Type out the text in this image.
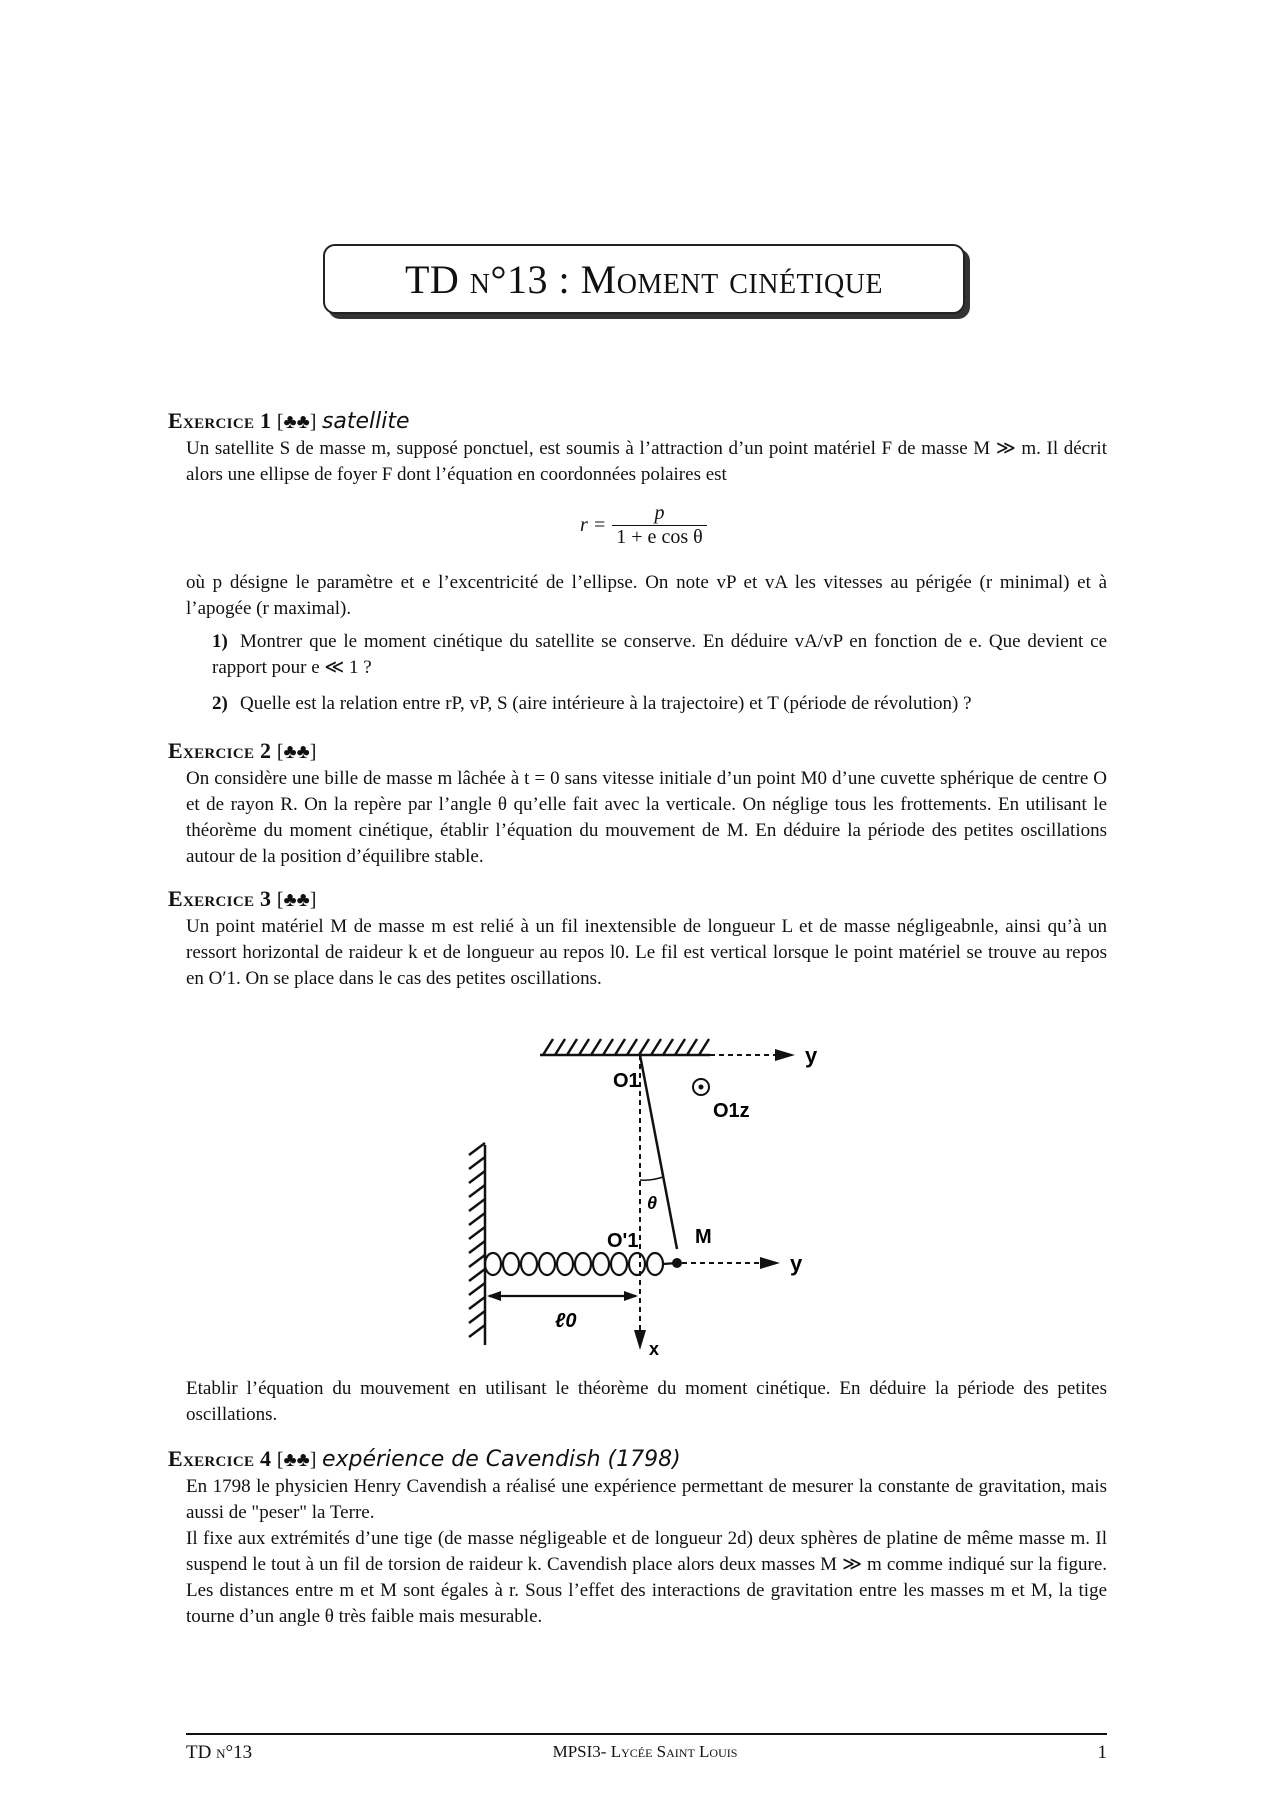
TD n°13 : Moment cinétique
Exercice 1 [♣♣] satellite
Un satellite S de masse m, supposé ponctuel, est soumis à l’attraction d’un point matériel F de masse M ≫ m. Il décrit alors une ellipse de foyer F dont l’équation en coordonnées polaires est
$r = \frac{p}{\text{1 + e cos θ}}$
où p désigne le paramètre et e l’excentricité de l’ellipse. On note vP et vA les vitesses au périgée (r minimal) et à l’apogée (r maximal).
1) Montrer que le moment cinétique du satellite se conserve. En déduire vA/vP en fonction de e. Que devient ce rapport pour e ≪ 1 ?
2) Quelle est la relation entre rP, vP, S (aire intérieure à la trajectoire) et T (période de révolution) ?
Exercice 2 [♣♣]
On considère une bille de masse m lâchée à t = 0 sans vitesse initiale d’un point M0 d’une cuvette sphérique de centre O et de rayon R. On la repère par l’angle θ qu’elle fait avec la verticale. On néglige tous les frottements. En utilisant le théorème du moment cinétique, établir l’équation du mouvement de M. En déduire la période des petites oscillations autour de la position d’équilibre stable.
Exercice 3 [♣♣]
Un point matériel M de masse m est relié à un fil inextensible de longueur L et de masse négligeabnle, ainsi qu’à un ressort horizontal de raideur k et de longueur au repos l0. Le fil est vertical lorsque le point matériel se trouve au repos en O′1. On se place dans le cas des petites oscillations.
y
x
O1
O1z
θ
O'1	M
y
ℓ0
Etablir l’équation du mouvement en utilisant le théorème du moment cinétique. En déduire la période des petites oscillations.
Exercice 4 [♣♣] expérience de Cavendish (1798)
En 1798 le physicien Henry Cavendish a réalisé une expérience permettant de mesurer la constante de gravitation, mais aussi de "peser" la Terre.
Il fixe aux extrémités d’une tige (de masse négligeable et de longueur 2d) deux sphères de platine de même masse m. Il suspend le tout à un fil de torsion de raideur k. Cavendish place alors deux masses M ≫ m comme indiqué sur la figure. Les distances entre m et M sont égales à r. Sous l’effet des interactions de gravitation entre les masses m et M, la tige tourne d’un angle θ très faible mais mesurable.
TD n°13	MPSI3- Lycée Saint Louis	1
